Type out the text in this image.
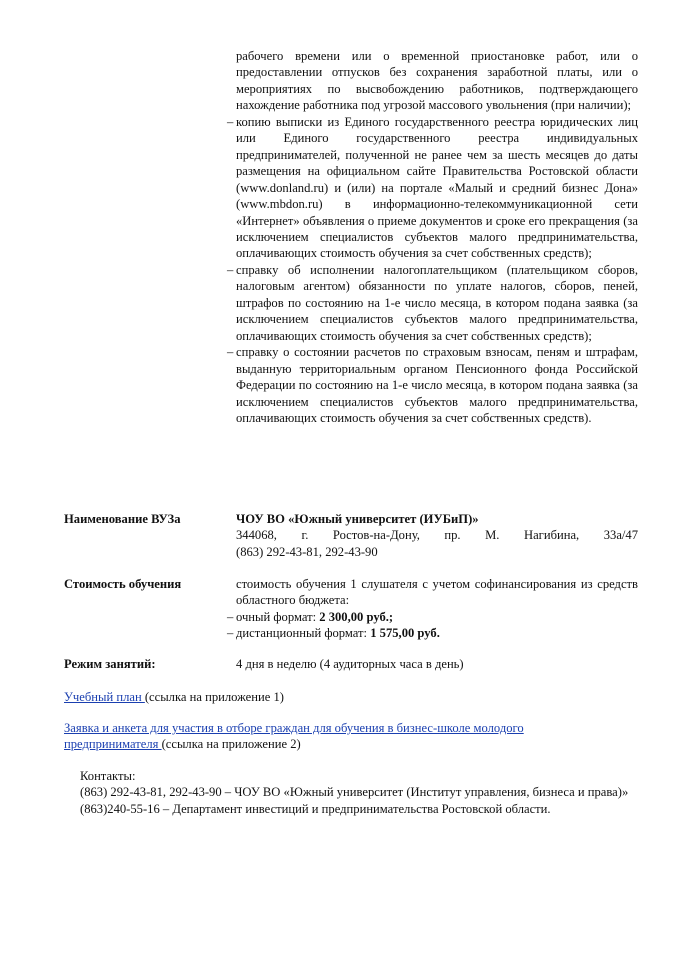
рабочего времени или о временной приостановке работ, или о предоставлении отпусков без сохранения заработной платы, или о мероприятиях по высвобождению работников, подтверждающего нахождение работника под угрозой массового увольнения (при наличии);

– копию выписки из Единого государственного реестра юридических лиц или Единого государственного реестра индивидуальных предпринимателей, полученной не ранее чем за шесть месяцев до даты размещения на официальном сайте Правительства Ростовской области (www.donland.ru) и (или) на портале «Малый и средний бизнес Дона» (www.mbdon.ru) в информационно-телекоммуникационной сети «Интернет» объявления о приеме документов и сроке его прекращения (за исключением специалистов субъектов малого предпринимательства, оплачивающих стоимость обучения за счет собственных средств);
– справку об исполнении налогоплательщиком (плательщиком сборов, налоговым агентом) обязанности по уплате налогов, сборов, пеней, штрафов по состоянию на 1-е число месяца, в котором подана заявка (за исключением специалистов субъектов малого предпринимательства, оплачивающих стоимость обучения за счет собственных средств);
– справку о состоянии расчетов по страховым взносам, пеням и штрафам, выданную территориальным органом Пенсионного фонда Российской Федерации по состоянию на 1-е число месяца, в котором подана заявка (за исключением специалистов субъектов малого предпринимательства, оплачивающих стоимость обучения за счет собственных средств).
Наименование ВУЗа	ЧОУ ВО «Южный университет (ИУБиП)»
344068, г. Ростов-на-Дону, пр. М. Нагибина, 33а/47
(863) 292-43-81, 292-43-90
Стоимость обучения	стоимость обучения 1 слушателя с учетом софинансирования из средств областного бюджета:
– очный формат: 2 300,00 руб.;
– дистанционный формат: 1 575,00 руб.
Режим занятий:	4 дня в неделю (4 аудиторных часа в день)
Учебный план (ссылка на приложение 1)
Заявка и анкета для участия в отборе граждан для обучения в бизнес-школе молодого
предпринимателя (ссылка на приложение 2)

Контакты:

(863) 292-43-81, 292-43-90 – ЧОУ ВО «Южный университет (Институт управления, бизнеса и права)»

(863)240-55-16 – Департамент инвестиций и предпринимательства Ростовской области.
